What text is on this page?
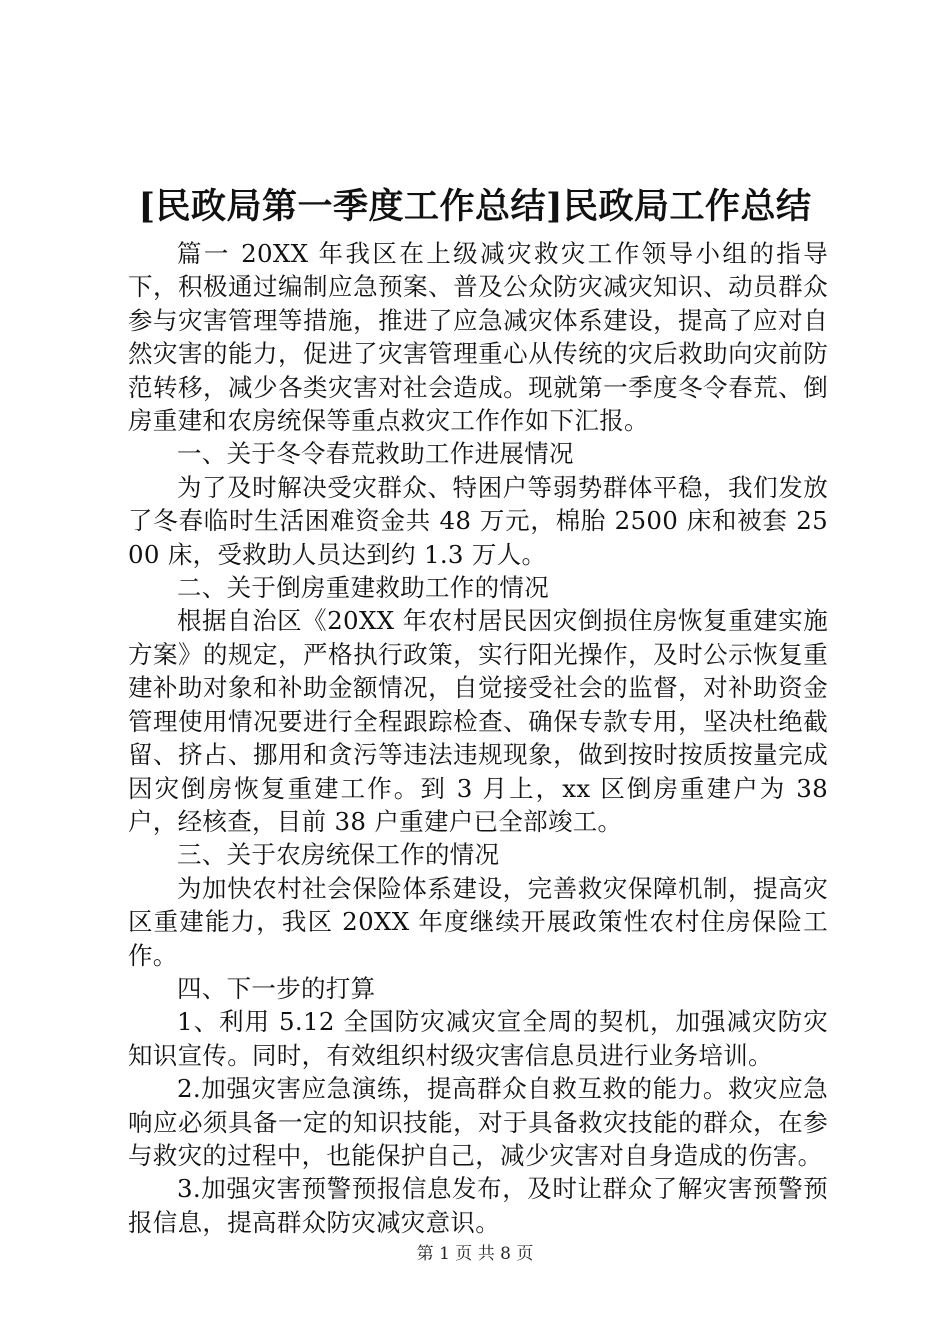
[民政局第一季度工作总结]民政局工作总结

篇一 20XX 年我区在上级减灾救灾工作领导小组的指导下，积极通过编制应急预案、普及公众防灾减灾知识、动员群众参与灾害管理等措施，推进了应急减灾体系建设，提高了应对自然灾害的能力，促进了灾害管理重心从传统的灾后救助向灾前防范转移，减少各类灾害对社会造成。现就第一季度冬令春荒、倒房重建和农房统保等重点救灾工作作如下汇报。

一、关于冬令春荒救助工作进展情况

为了及时解决受灾群众、特困户等弱势群体平稳，我们发放了冬春临时生活困难资金共 48 万元，棉胎 2500 床和被套 2500 床，受救助人员达到约 1.3 万人。

二、关于倒房重建救助工作的情况

根据自治区《20XX 年农村居民因灾倒损住房恢复重建实施方案》的规定，严格执行政策，实行阳光操作，及时公示恢复重建补助对象和补助金额情况，自觉接受社会的监督，对补助资金管理使用情况要进行全程跟踪检查、确保专款专用，坚决杜绝截留、挤占、挪用和贪污等违法违规现象，做到按时按质按量完成因灾倒房恢复重建工作。到 3 月上，xx 区倒房重建户为 38 户，经核查，目前 38 户重建户已全部竣工。

三、关于农房统保工作的情况

为加快农村社会保险体系建设，完善救灾保障机制，提高灾区重建能力，我区 20XX 年度继续开展政策性农村住房保险工作。

四、下一步的打算

1、利用 5.12 全国防灾减灾宣全周的契机，加强减灾防灾知识宣传。同时，有效组织村级灾害信息员进行业务培训。

2.加强灾害应急演练，提高群众自救互救的能力。救灾应急响应必须具备一定的知识技能，对于具备救灾技能的群众，在参与救灾的过程中，也能保护自己，减少灾害对自身造成的伤害。

3.加强灾害预警预报信息发布，及时让群众了解灾害预警预报信息，提高群众防灾减灾意识。

第 1 页 共 8 页
